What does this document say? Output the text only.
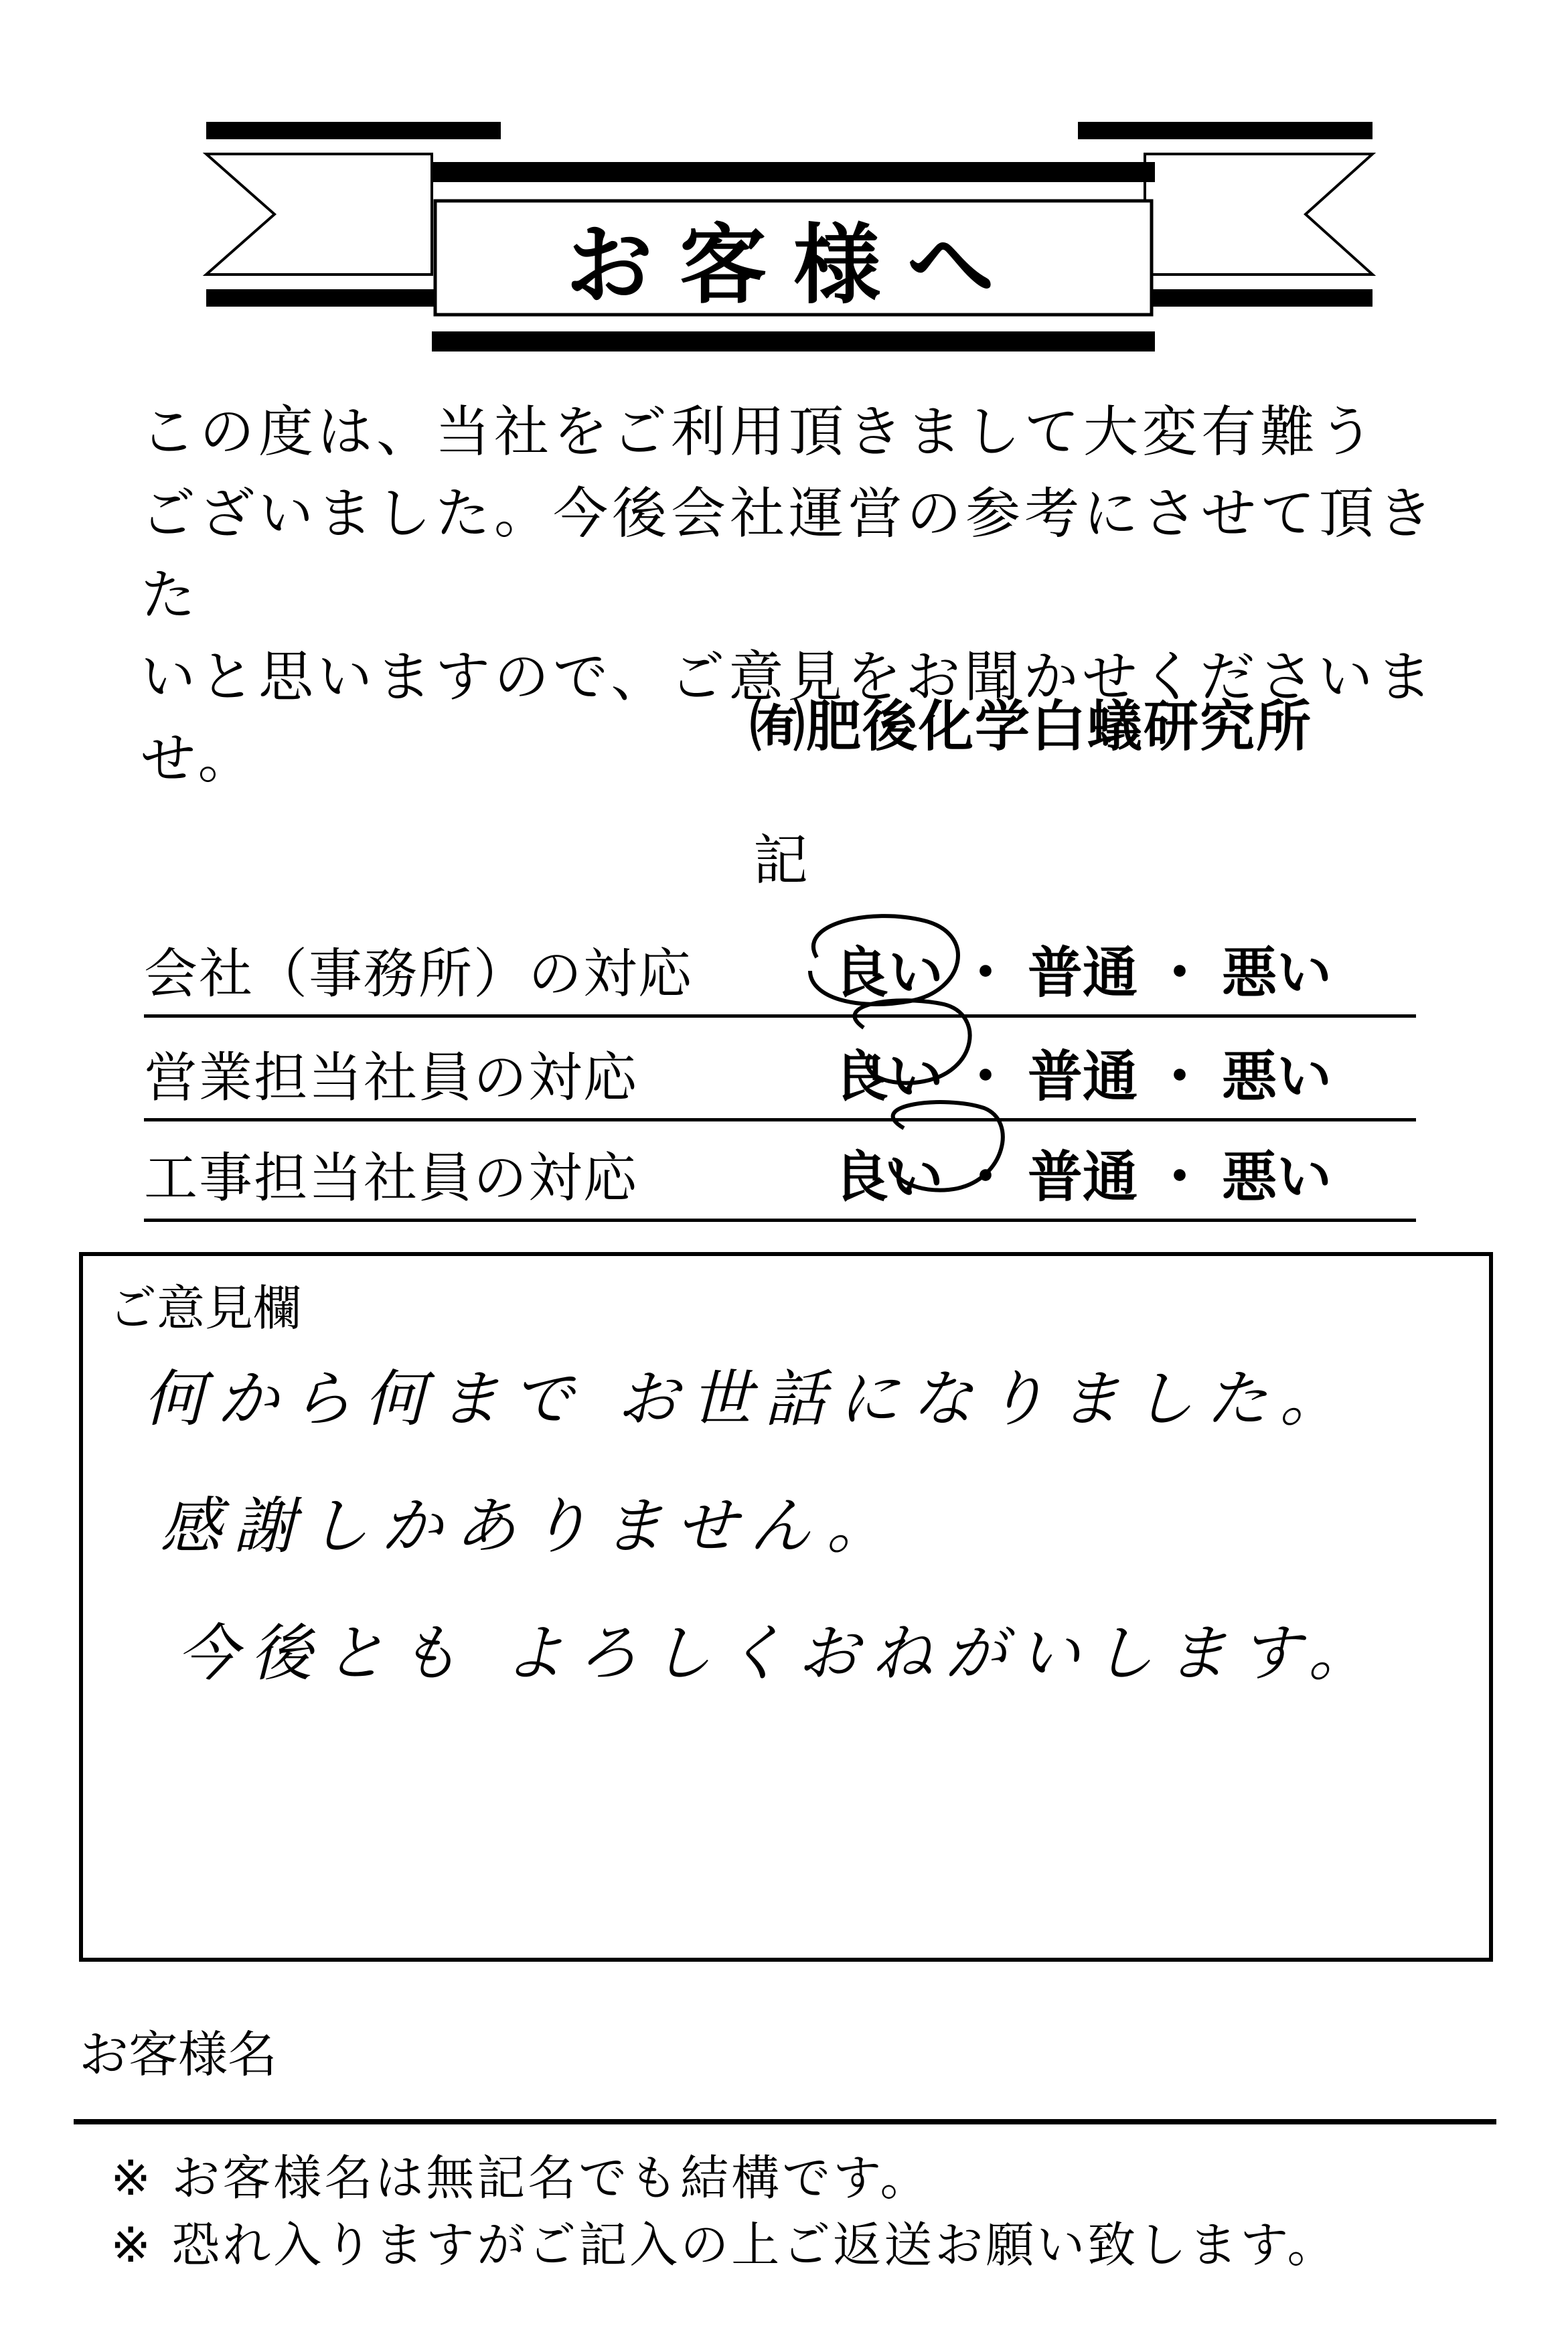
お客様へ
この度は、当社をご利用頂きまして大変有難う
ございました。今後会社運営の参考にさせて頂きた
いと思いますので、ご意見をお聞かせくださいませ。
㈲肥後化学白蟻研究所
記
会社（事務所）の対応	良い ・ 普通 ・ 悪い
営業担当社員の対応	良い ・ 普通 ・ 悪い
工事担当社員の対応	良い ・ 普通 ・ 悪い
ご意見欄
何から何まで お世話になりました。
感謝しかありません。
今後とも よろしくおねがいします。
お客様名
※ お客様名は無記名でも結構です。
※ 恐れ入りますがご記入の上ご返送お願い致します。
